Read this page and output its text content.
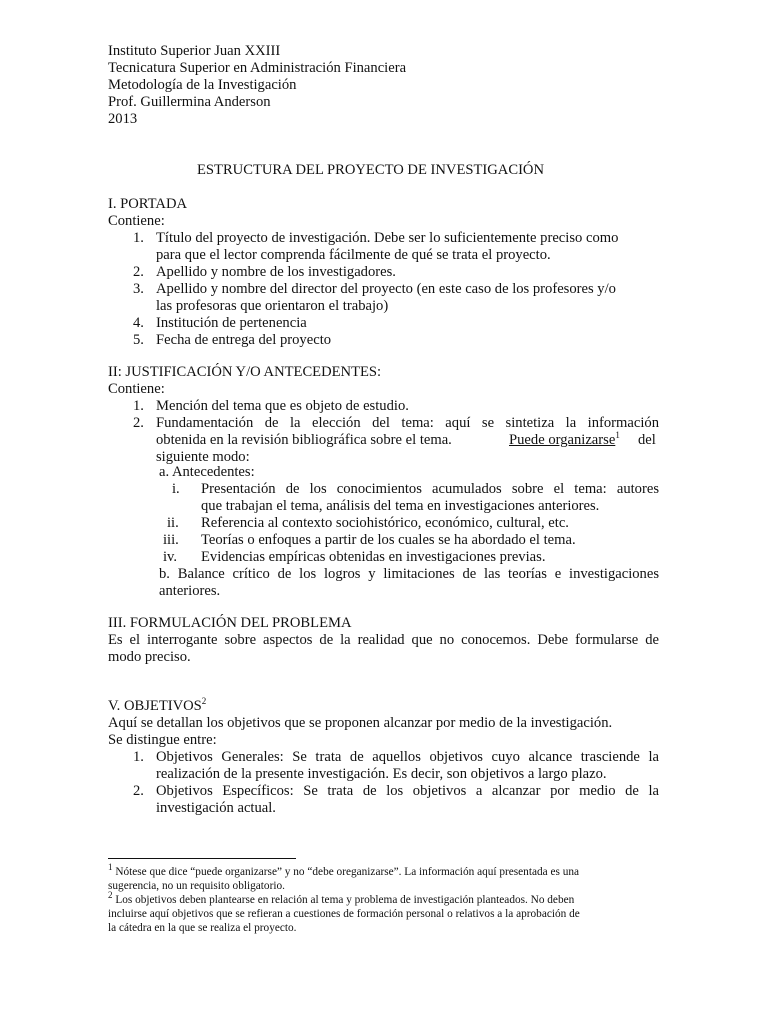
Instituto Superior Juan XXIII
Tecnicatura Superior en Administración Financiera
Metodología de la Investigación
Prof. Guillermina Anderson
2013
ESTRUCTURA DEL PROYECTO DE INVESTIGACIÓN
I. PORTADA
Contiene:
1. Título del proyecto de investigación. Debe ser lo suficientemente preciso como
para que el lector comprenda fácilmente de qué se trata el proyecto.
2. Apellido y nombre de los investigadores.
3. Apellido y nombre del director del proyecto (en este caso de los profesores y/o
las profesoras que orientaron el trabajo)
4. Institución de pertenencia
5. Fecha de entrega del proyecto
II: JUSTIFICACIÓN Y/O ANTECEDENTES:
Contiene:
1. Mención del tema que es objeto de estudio.
2. Fundamentación de la elección del tema: aquí se sintetiza la información
obtenida en la revisión bibliográfica sobre el tema.	Puede organizarse$^1$ del
siguiente modo:
a. Antecedentes:
i. Presentación de los conocimientos acumulados sobre el tema: autores
que trabajan el tema, análisis del tema en investigaciones anteriores.
ii. Referencia al contexto sociohistórico, económico, cultural, etc.
iii. Teorías o enfoques a partir de los cuales se ha abordado el tema.
iv. Evidencias empíricas obtenidas en investigaciones previas.
b. Balance crítico de los logros y limitaciones de las teorías e investigaciones
anteriores.
III. FORMULACIÓN DEL PROBLEMA
Es el interrogante sobre aspectos de la realidad que no conocemos. Debe formularse de
modo preciso.
V. OBJETIVOS$^2$
Aquí se detallan los objetivos que se proponen alcanzar por medio de la investigación.
Se distingue entre:
1. Objetivos Generales: Se trata de aquellos objetivos cuyo alcance trasciende la
realización de la presente investigación. Es decir, son objetivos a largo plazo.
2. Objetivos Específicos: Se trata de los objetivos a alcanzar por medio de la
investigación actual.
$^1$ Nótese que dice “puede organizarse” y no “debe oreganizarse”. La información aquí presentada es una
sugerencia, no un requisito obligatorio.
$^2$ Los objetivos deben plantearse en relación al tema y problema de investigación planteados. No deben
incluirse aquí objetivos que se refieran a cuestiones de formación personal o relativos a la aprobación de
la cátedra en la que se realiza el proyecto.
